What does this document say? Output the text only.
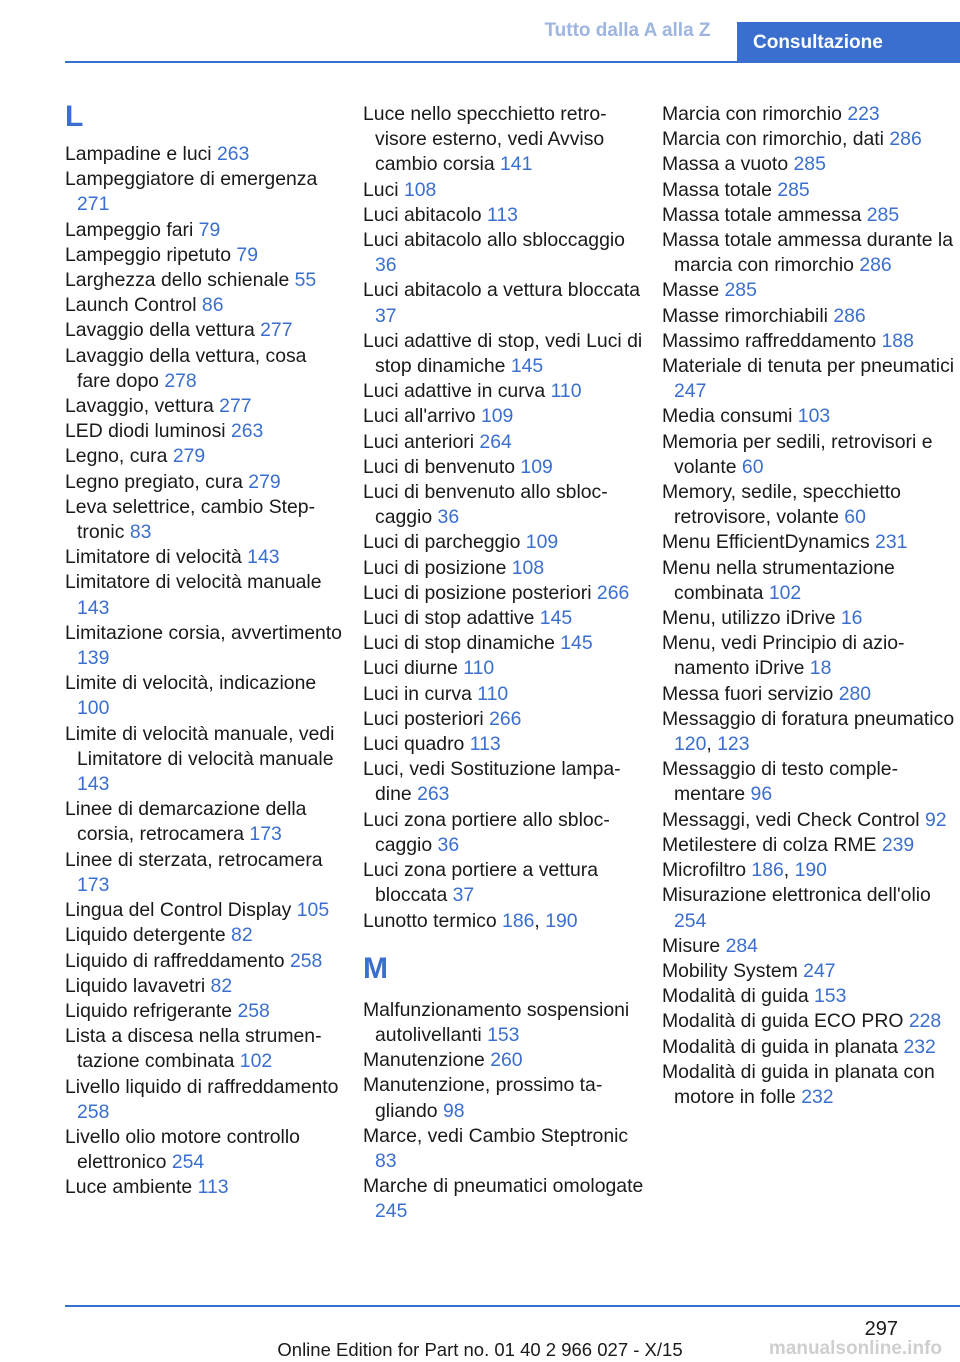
Tutto dalla A alla Z
Consultazione
L
Lampadine e luci 263
Lampeggiatore di emergenza 271
Lampeggio fari 79
Lampeggio ripetuto 79
Larghezza dello schienale 55
Launch Control 86
Lavaggio della vettura 277
Lavaggio della vettura, cosa fare dopo 278
Lavaggio, vettura 277
LED diodi luminosi 263
Legno, cura 279
Legno pregiato, cura 279
Leva selettrice, cambio Steptronic 83
Limitatore di velocità 143
Limitatore di velocità manuale 143
Limitazione corsia, avvertimento 139
Limite di velocità, indicazione 100
Limite di velocità manuale, vedi Limitatore di velocità manuale 143
Linee di demarcazione della corsia, retrocamera 173
Linee di sterzata, retrocamera 173
Lingua del Control Display 105
Liquido detergente 82
Liquido di raffreddamento 258
Liquido lavavetri 82
Liquido refrigerante 258
Lista a discesa nella strumentazione combinata 102
Livello liquido di raffreddamento 258
Livello olio motore controllo elettronico 254
Luce ambiente 113
Luce nello specchietto retrovisore esterno, vedi Avviso cambio corsia 141
Luci 108
Luci abitacolo 113
Luci abitacolo allo sbloccaggio 36
Luci abitacolo a vettura bloccata 37
Luci adattive di stop, vedi Luci di stop dinamiche 145
Luci adattive in curva 110
Luci all'arrivo 109
Luci anteriori 264
Luci di benvenuto 109
Luci di benvenuto allo sbloccaggio 36
Luci di parcheggio 109
Luci di posizione 108
Luci di posizione posteriori 266
Luci di stop adattive 145
Luci di stop dinamiche 145
Luci diurne 110
Luci in curva 110
Luci posteriori 266
Luci quadro 113
Luci, vedi Sostituzione lampadine 263
Luci zona portiere allo sbloccaggio 36
Luci zona portiere a vettura bloccata 37
Lunotto termico 186, 190
M
Malfunzionamento sospensioni autolivellanti 153
Manutenzione 260
Manutenzione, prossimo tagliando 98
Marce, vedi Cambio Steptronic 83
Marche di pneumatici omologate 245
Marcia con rimorchio 223
Marcia con rimorchio, dati 286
Massa a vuoto 285
Massa totale 285
Massa totale ammessa 285
Massa totale ammessa durante la marcia con rimorchio 286
Masse 285
Masse rimorchiabili 286
Massimo raffreddamento 188
Materiale di tenuta per pneumatici 247
Media consumi 103
Memoria per sedili, retrovisori e volante 60
Memory, sedile, specchietto retrovisore, volante 60
Menu EfficientDynamics 231
Menu nella strumentazione combinata 102
Menu, utilizzo iDrive 16
Menu, vedi Principio di azionamento iDrive 18
Messa fuori servizio 280
Messaggio di foratura pneumatico 120, 123
Messaggio di testo complementare 96
Messaggi, vedi Check Control 92
Metilestere di colza RME 239
Microfiltro 186, 190
Misurazione elettronica dell'olio 254
Misure 284
Mobility System 247
Modalità di guida 153
Modalità di guida ECO PRO 228
Modalità di guida in planata 232
Modalità di guida in planata con motore in folle 232
297
Online Edition for Part no. 01 40 2 966 027 - X/15	manualsonline.info
